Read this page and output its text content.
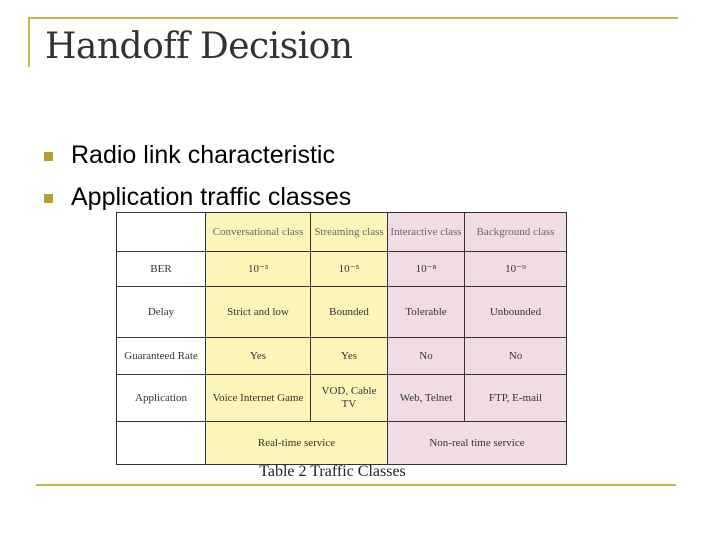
Handoff Decision
Radio link characteristic
Application traffic classes
	Conversational class	Streaming class	Interactive class	Background class
BER	10⁻³	10⁻⁵	10⁻⁸	10⁻⁹
Delay	Strict and low	Bounded	Tolerable	Unbounded
Guaranteed Rate	Yes	Yes	No	No
Application	Voice Internet Game	VOD, Cable TV	Web, Telnet	FTP, E-mail
	Real-time service		Non-real time service	
Table 2 Traffic Classes
